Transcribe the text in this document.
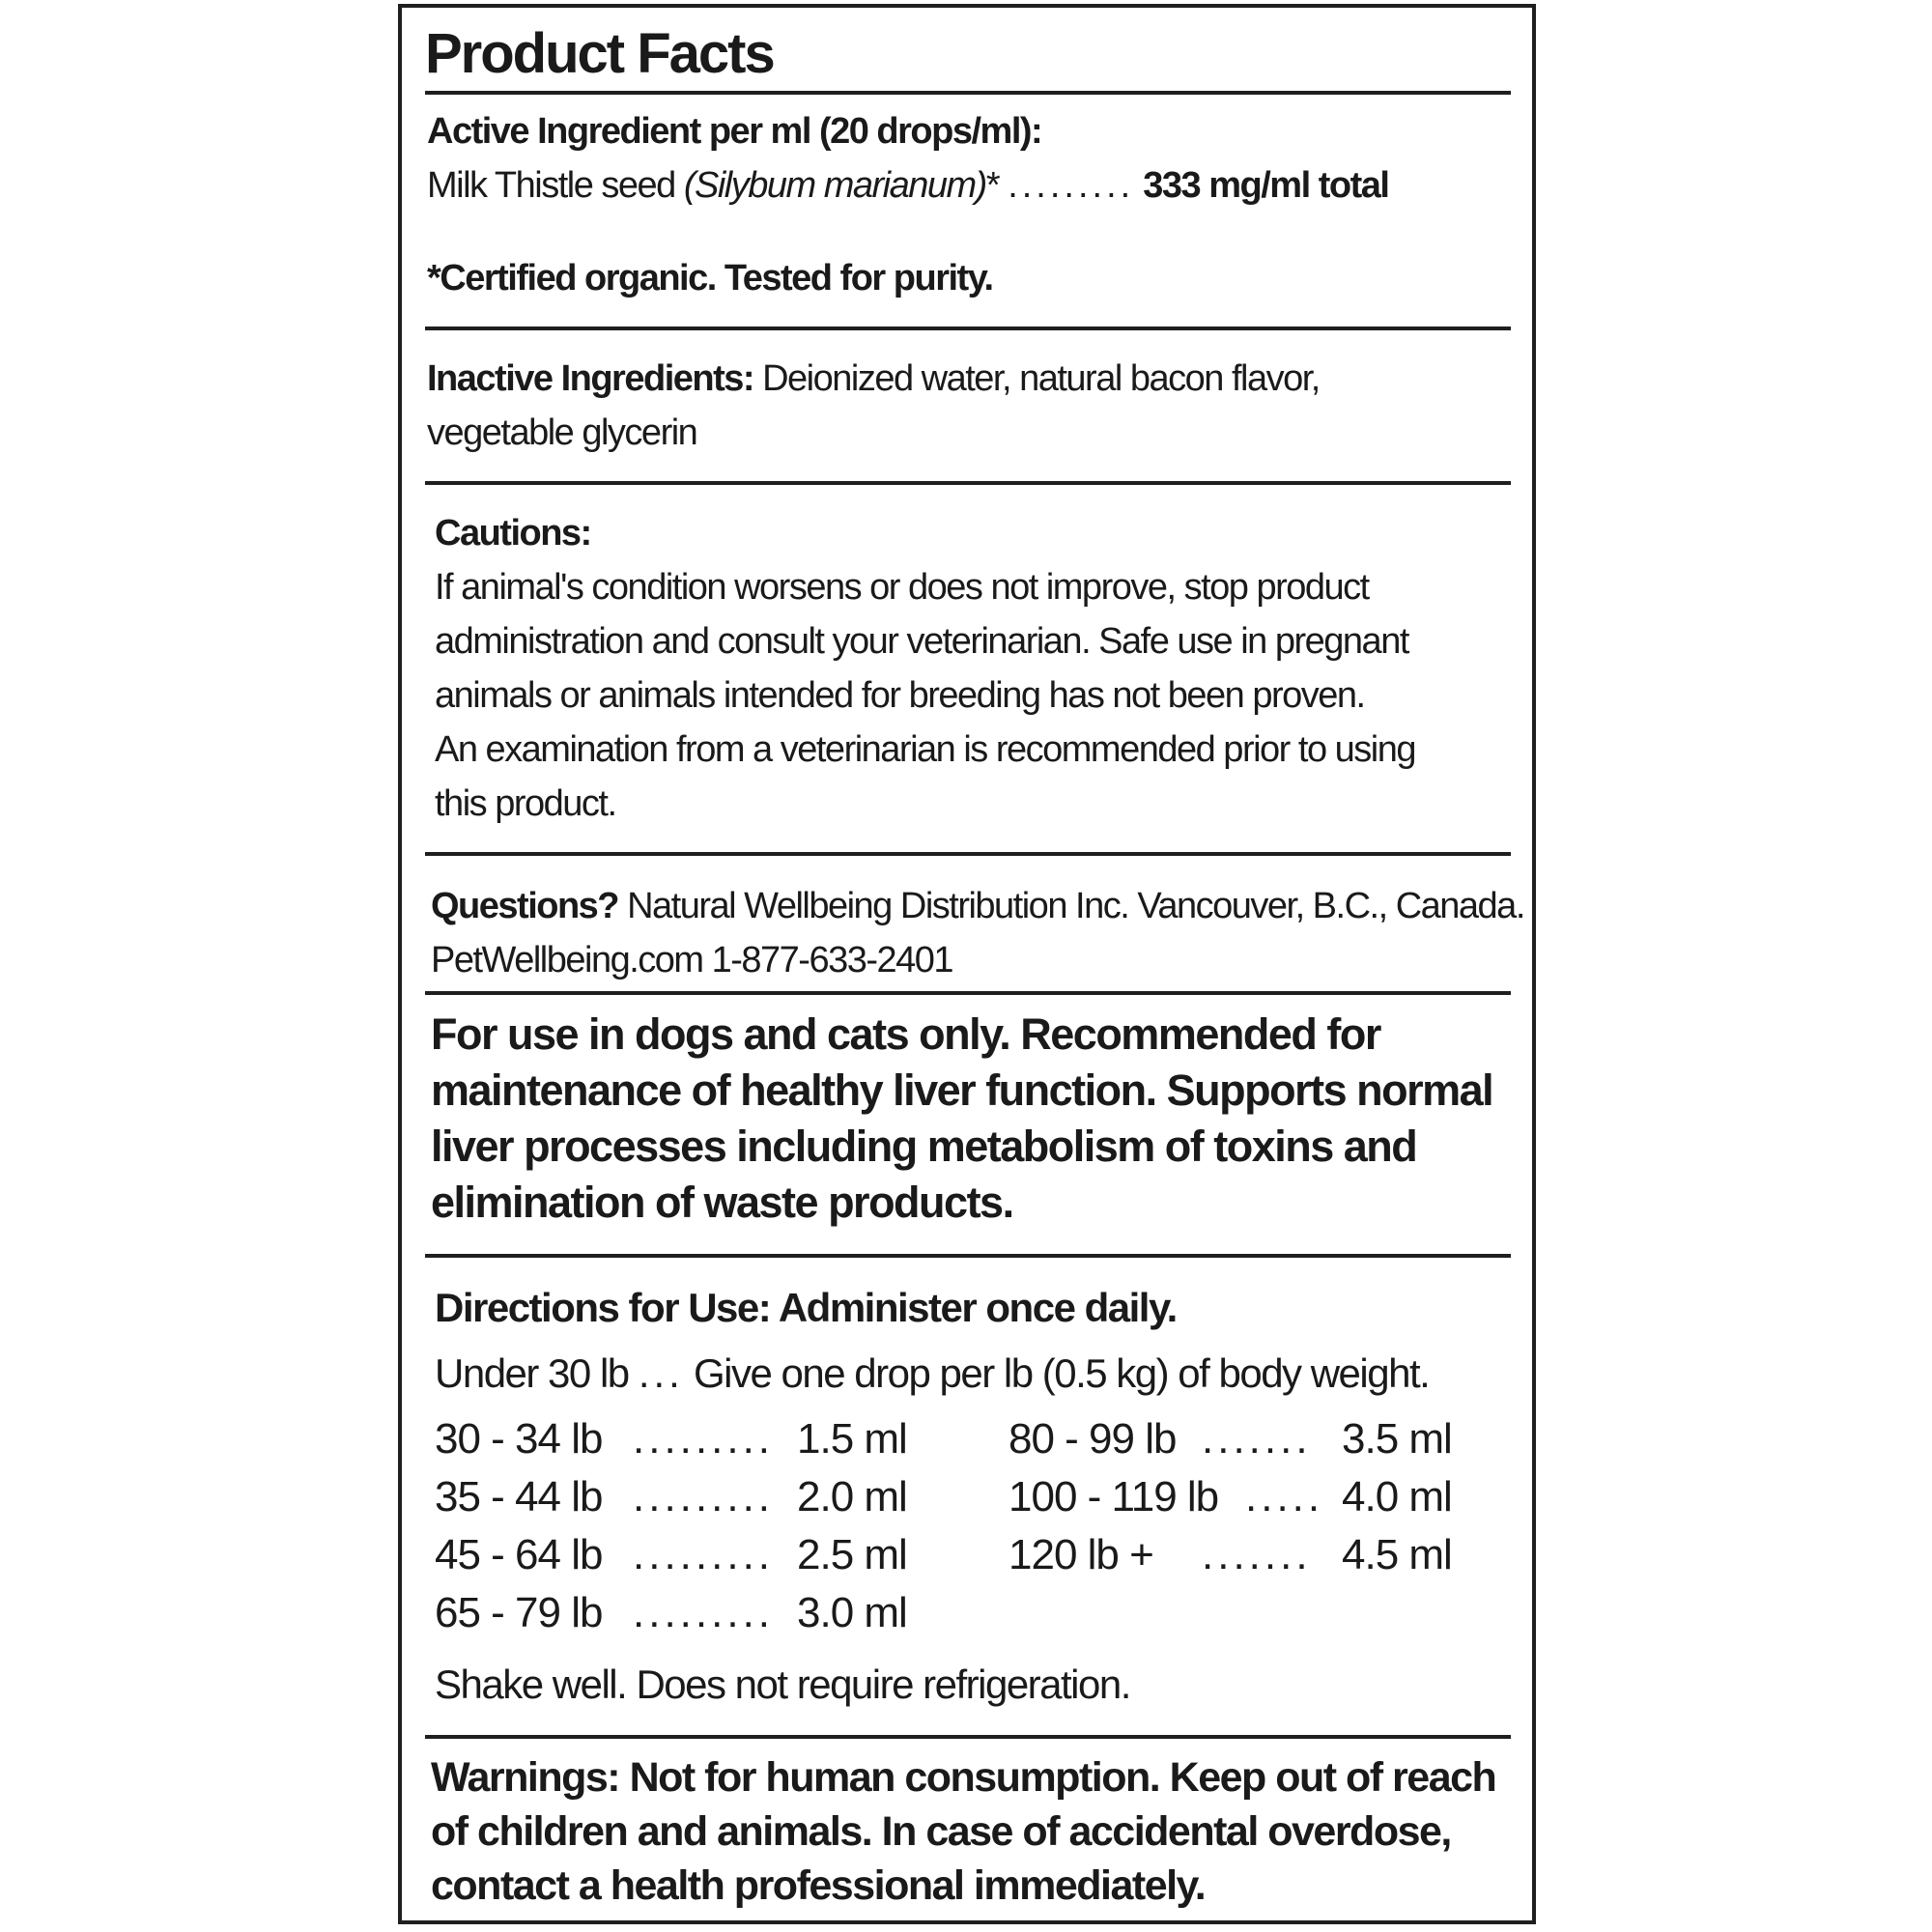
Product Facts
Active Ingredient per ml (20 drops/ml):
Milk Thistle seed (Silybum marianum)* ......... 333 mg/ml total
*Certified organic. Tested for purity.
Inactive Ingredients: Deionized water, natural bacon flavor,
vegetable glycerin
Cautions:
If animal's condition worsens or does not improve, stop product
administration and consult your veterinarian. Safe use in pregnant
animals or animals intended for breeding has not been proven.
An examination from a veterinarian is recommended prior to using
this product.
Questions? Natural Wellbeing Distribution Inc. Vancouver, B.C., Canada.
PetWellbeing.com 1-877-633-2401
For use in dogs and cats only. Recommended for
maintenance of healthy liver function. Supports normal
liver processes including metabolism of toxins and
elimination of waste products.
Directions for Use: Administer once daily.
Under 30 lb ... Give one drop per lb (0.5 kg) of body weight.
30 - 34 lb ......... 1.5 ml
35 - 44 lb ......... 2.0 ml
45 - 64 lb ......... 2.5 ml
65 - 79 lb ......... 3.0 ml
80 - 99 lb ....... 3.5 ml
100 - 119 lb ..... 4.0 ml
120 lb + ....... 4.5 ml
Shake well. Does not require refrigeration.
Warnings: Not for human consumption. Keep out of reach
of children and animals. In case of accidental overdose,
contact a health professional immediately.
